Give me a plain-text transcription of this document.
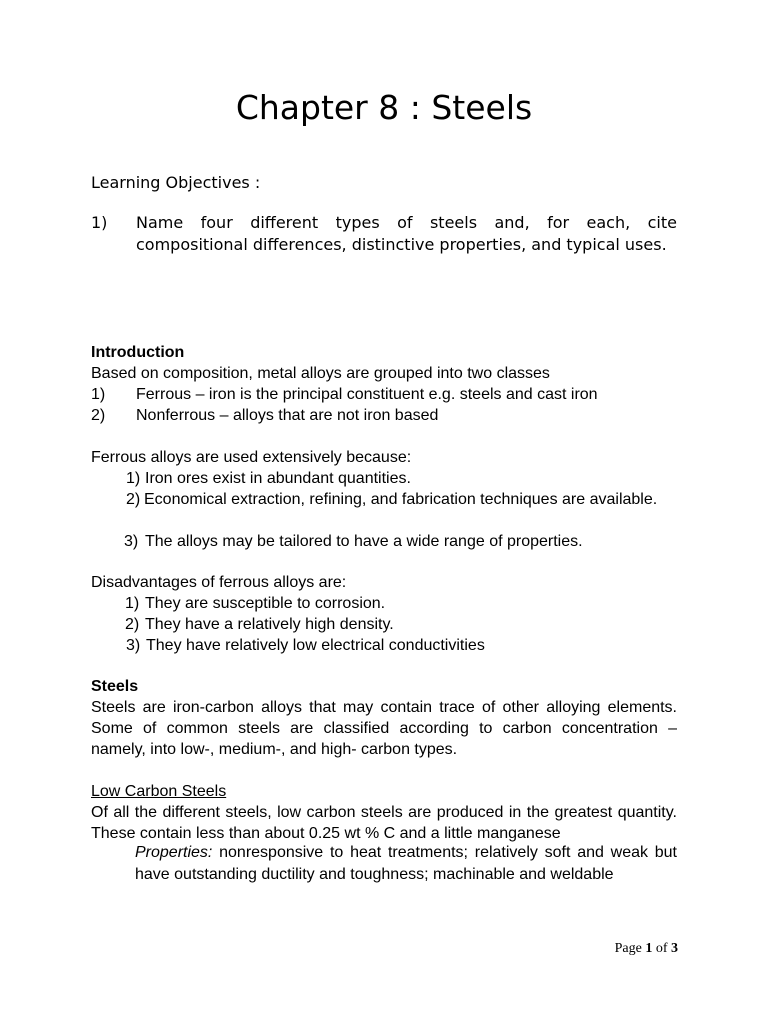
Chapter 8 : Steels
Learning Objectives :
1) Name four different types of steels and, for each, cite compositional differences, distinctive properties, and typical uses.
Introduction
Based on composition, metal alloys are grouped into two classes
1) Ferrous – iron is the principal constituent e.g. steels and cast iron
2) Nonferrous – alloys that are not iron based
Ferrous alloys are used extensively because:
1) Iron ores exist in abundant quantities.
2) Economical extraction, refining, and fabrication techniques are available.
3) The alloys may be tailored to have a wide range of properties.
Disadvantages of ferrous alloys are:
1) They are susceptible to corrosion.
2) They have a relatively high density.
3) They have relatively low electrical conductivities
Steels
Steels are iron-carbon alloys that may contain trace of other alloying elements. Some of common steels are classified according to carbon concentration – namely, into low-, medium-, and high- carbon types.
Low Carbon Steels
Of all the different steels, low carbon steels are produced in the greatest quantity. These contain less than about 0.25 wt % C and a little manganese
Properties: nonresponsive to heat treatments; relatively soft and weak but have outstanding ductility and toughness; machinable and weldable
Page 1 of 3
